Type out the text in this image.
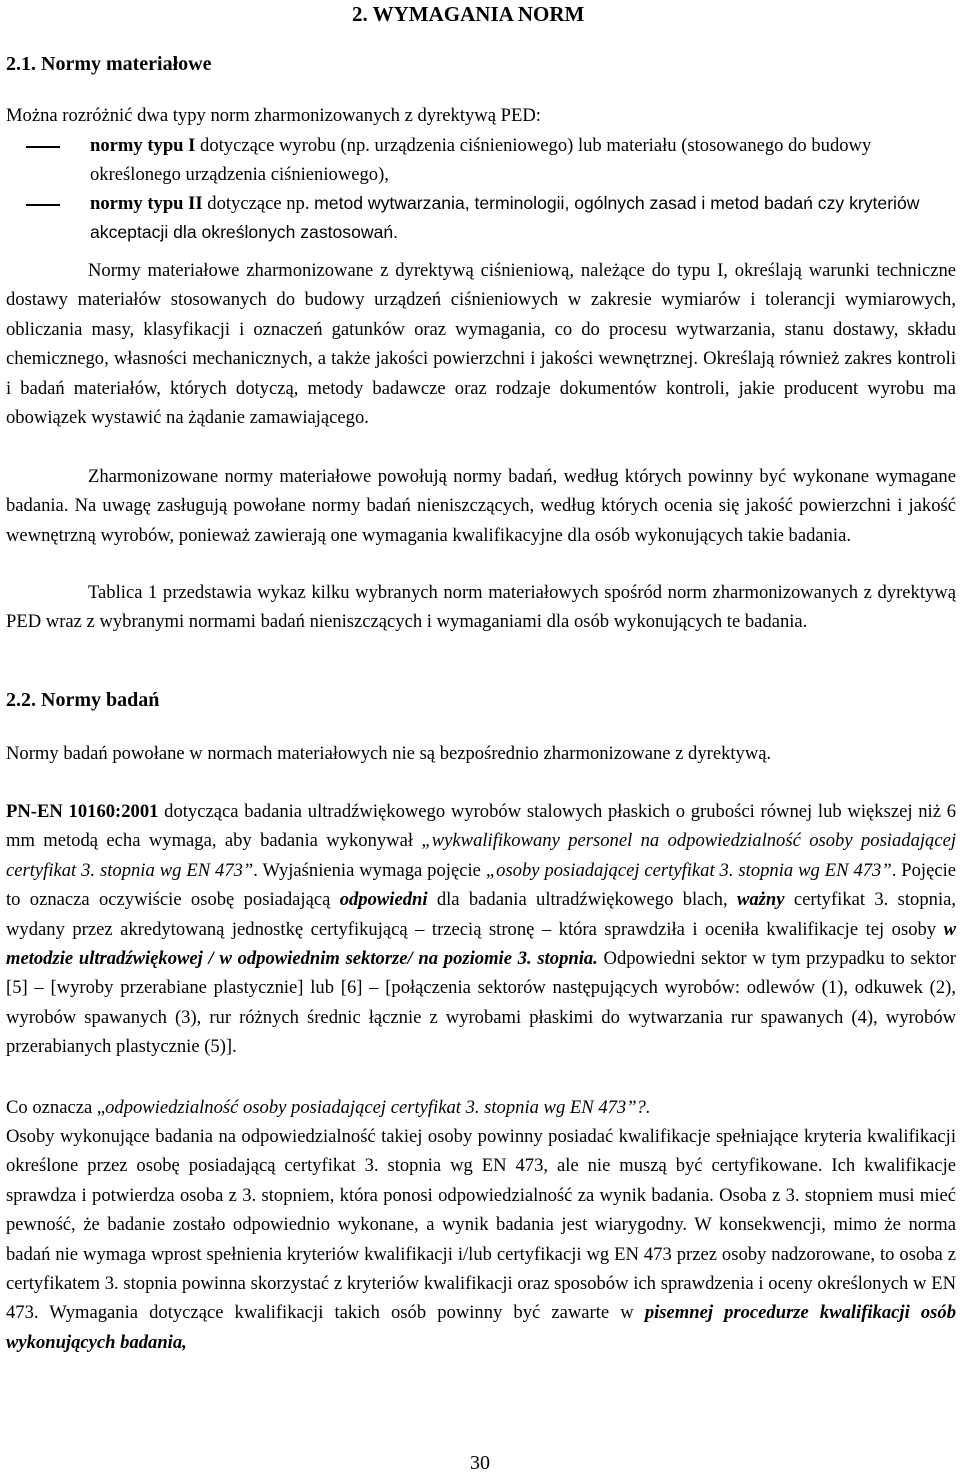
2. WYMAGANIA NORM
2.1. Normy materiałowe

Można rozróżnić dwa typy norm zharmonizowanych z dyrektywą PED:

normy typu I dotyczące wyrobu (np. urządzenia ciśnieniowego) lub materiału (stosowanego do budowy określonego urządzenia ciśnieniowego),
normy typu II dotyczące np. metod wytwarzania, terminologii, ogólnych zasad i metod badań czy kryteriów akceptacji dla określonych zastosowań.

Normy materiałowe zharmonizowane z dyrektywą ciśnieniową, należące do typu I, określają warunki techniczne dostawy materiałów stosowanych do budowy urządzeń ciśnieniowych w zakresie wymiarów i tolerancji wymiarowych, obliczania masy, klasyfikacji i oznaczeń gatunków oraz wymagania, co do procesu wytwarzania, stanu dostawy, składu chemicznego, własności mechanicznych, a także jakości powierzchni i jakości wewnętrznej. Określają również zakres kontroli i badań materiałów, których dotyczą, metody badawcze oraz rodzaje dokumentów kontroli, jakie producent wyrobu ma obowiązek wystawić na żądanie zamawiającego.

Zharmonizowane normy materiałowe powołują normy badań, według których powinny być wykonane wymagane badania. Na uwagę zasługują powołane normy badań nieniszczących, według których ocenia się jakość powierzchni i jakość wewnętrzną wyrobów, ponieważ zawierają one wymagania kwalifikacyjne dla osób wykonujących takie badania.

Tablica 1 przedstawia wykaz kilku wybranych norm materiałowych spośród norm zharmonizowanych z dyrektywą PED wraz z wybranymi normami badań nieniszczących i wymaganiami dla osób wykonujących te badania.

2.2. Normy badań

Normy badań powołane w normach materiałowych nie są bezpośrednio zharmonizowane z dyrektywą.

PN-EN 10160:2001 dotycząca badania ultradźwiękowego wyrobów stalowych płaskich o grubości równej lub większej niż 6 mm metodą echa wymaga, aby badania wykonywał „wykwalifikowany personel na odpowiedzialność osoby posiadającej certyfikat 3. stopnia wg EN 473”. Wyjaśnienia wymaga pojęcie „osoby posiadającej certyfikat 3. stopnia wg EN 473”. Pojęcie to oznacza oczywiście osobę posiadającą odpowiedni dla badania ultradźwiękowego blach, ważny certyfikat 3. stopnia, wydany przez akredytowaną jednostkę certyfikującą – trzecią stronę – która sprawdziła i oceniła kwalifikacje tej osoby w metodzie ultradźwiękowej / w odpowiednim sektorze/ na poziomie 3. stopnia. Odpowiedni sektor w tym przypadku to sektor [5] – [wyroby przerabiane plastycznie] lub [6] – [połączenia sektorów następujących wyrobów: odlewów (1), odkuwek (2), wyrobów spawanych (3), rur różnych średnic łącznie z wyrobami płaskimi do wytwarzania rur spawanych (4), wyrobów przerabianych plastycznie (5)].

Co oznacza „odpowiedzialność osoby posiadającej certyfikat 3. stopnia wg EN 473”?.

Osoby wykonujące badania na odpowiedzialność takiej osoby powinny posiadać kwalifikacje spełniające kryteria kwalifikacji określone przez osobę posiadającą certyfikat 3. stopnia wg EN 473, ale nie muszą być certyfikowane. Ich kwalifikacje sprawdza i potwierdza osoba z 3. stopniem, która ponosi odpowiedzialność za wynik badania. Osoba z 3. stopniem musi mieć pewność, że badanie zostało odpowiednio wykonane, a wynik badania jest wiarygodny. W konsekwencji, mimo że norma badań nie wymaga wprost spełnienia kryteriów kwalifikacji i/lub certyfikacji wg EN 473 przez osoby nadzorowane, to osoba z certyfikatem 3. stopnia powinna skorzystać z kryteriów kwalifikacji oraz sposobów ich sprawdzenia i oceny określonych w EN 473. Wymagania dotyczące kwalifikacji takich osób powinny być zawarte w pisemnej procedurze kwalifikacji osób wykonujących badania,

30
